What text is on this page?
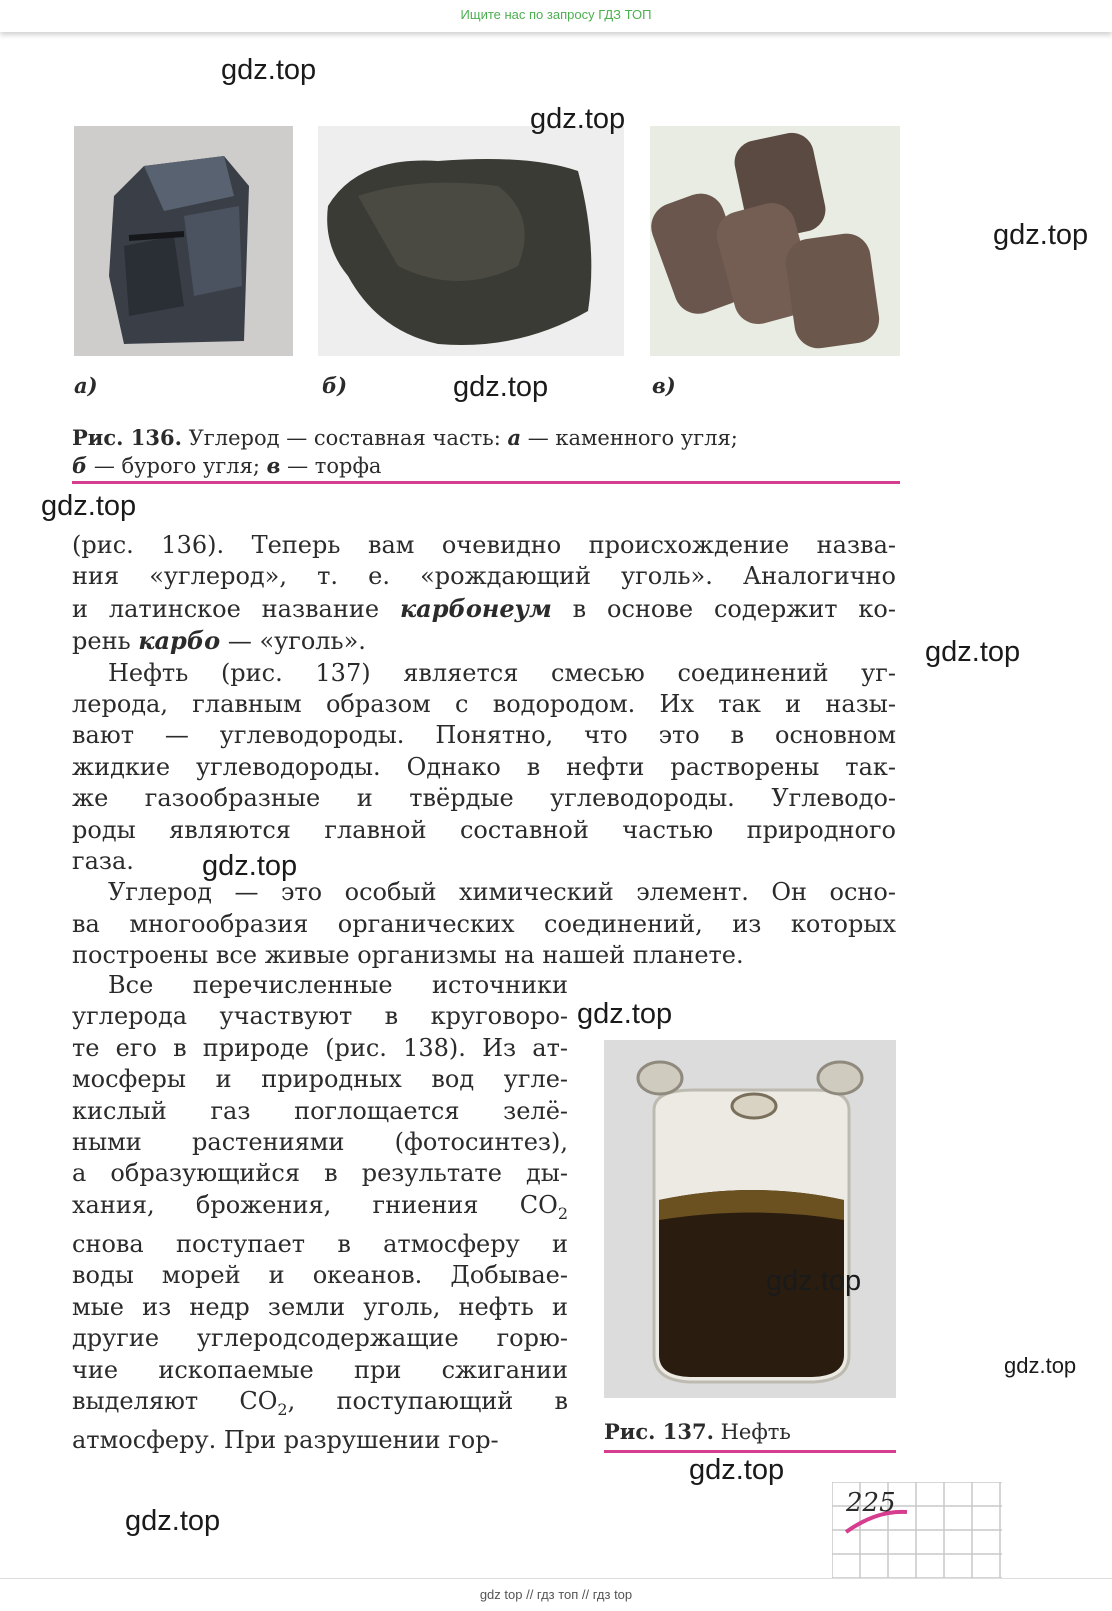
Ищите нас по запросу ГДЗ ТОП
а)	б)	в)
Рис. 136. Углерод — составная часть: а — каменного угля;
б — бурого угля; в — торфа
(рис. 136). Теперь вам очевидно происхождение назва-
ния «углерод», т. е. «рождающий уголь». Аналогично
и латинское название карбонеум в основе содержит ко-
рень карбо — «уголь».
Нефть (рис. 137) является смесью соединений уг-
лерода, главным образом с водородом. Их так и назы-
вают — углеводороды. Понятно, что это в основном
жидкие углеводороды. Однако в нефти растворены так-
же газообразные и твёрдые углеводороды. Углеводо-
роды являются главной составной частью природного
газа.
Углерод — это особый химический элемент. Он осно-
ва многообразия органических соединений, из которых
построены все живые организмы на нашей планете.
Все перечисленные источники
углерода участвуют в круговоро-
те его в природе (рис. 138). Из ат-
мосферы и природных вод угле-
кислый газ поглощается зелё-
ными растениями (фотосинтез),
а образующийся в результате ды-
хания, брожения, гниения $CO_2$
снова поступает в атмосферу и
воды морей и океанов. Добывае-
мые из недр земли уголь, нефть и
другие углеродсодержащие горю-
чие ископаемые при сжигании
выделяют $CO_2$, поступающий в
атмосферу. При разрушении гор-	Рис. 137. Нефть
225
gdz.top
gdz.top
gdz.top
gdz.top
gdz.top
gdz.top
gdz.top
gdz.top
gdz.top
gdz.top
gdz.top
gdz.top
gdz top // гдз топ // гдз top
